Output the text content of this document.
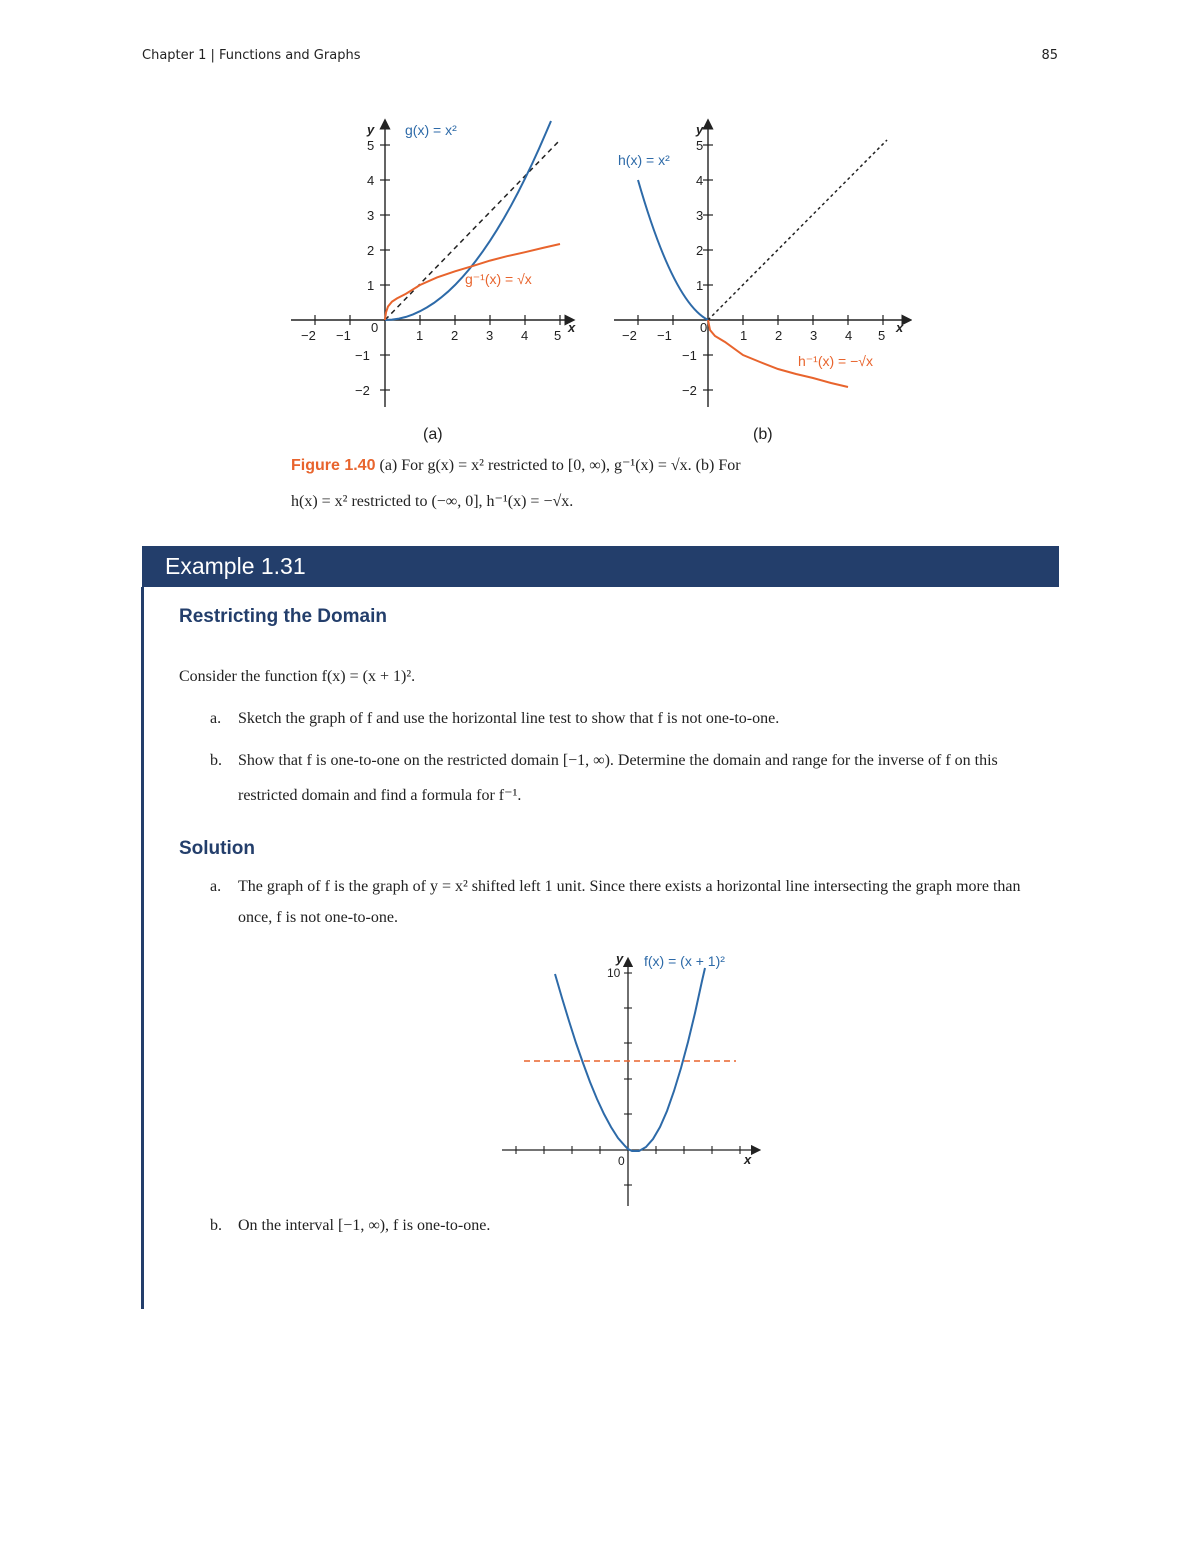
Chapter 1 | Functions and Graphs	85
−2 −1	1 2 3 4 5
5
4
3
2
1
−1
−2
0	x
y g(x) = x²
g⁻¹(x) = √x
(a)
−2 −1	1 2 3 4 5
5
4
3
2
1
−1
−2
0	x
y
h(x) = x²
h⁻¹(x) = −√x
(b)
Figure 1.40 (a) For g(x) = x² restricted to [0, ∞), g⁻¹(x) = √x. (b) For
h(x) = x² restricted to (−∞, 0], h⁻¹(x) = −√x.
Example 1.31
Restricting the Domain
Consider the function f(x) = (x + 1)².
a. Sketch the graph of f and use the horizontal line test to show that f is not one-to-one.
b. Show that f is one-to-one on the restricted domain [−1, ∞). Determine the domain and range for the inverse of f on this restricted domain and find a formula for f⁻¹.
Solution
a. The graph of f is the graph of y = x² shifted left 1 unit. Since there exists a horizontal line intersecting the graph more than once, f is not one-to-one.
10
0	x
y f(x) = (x + 1)²
b. On the interval [−1, ∞), f is one-to-one.
